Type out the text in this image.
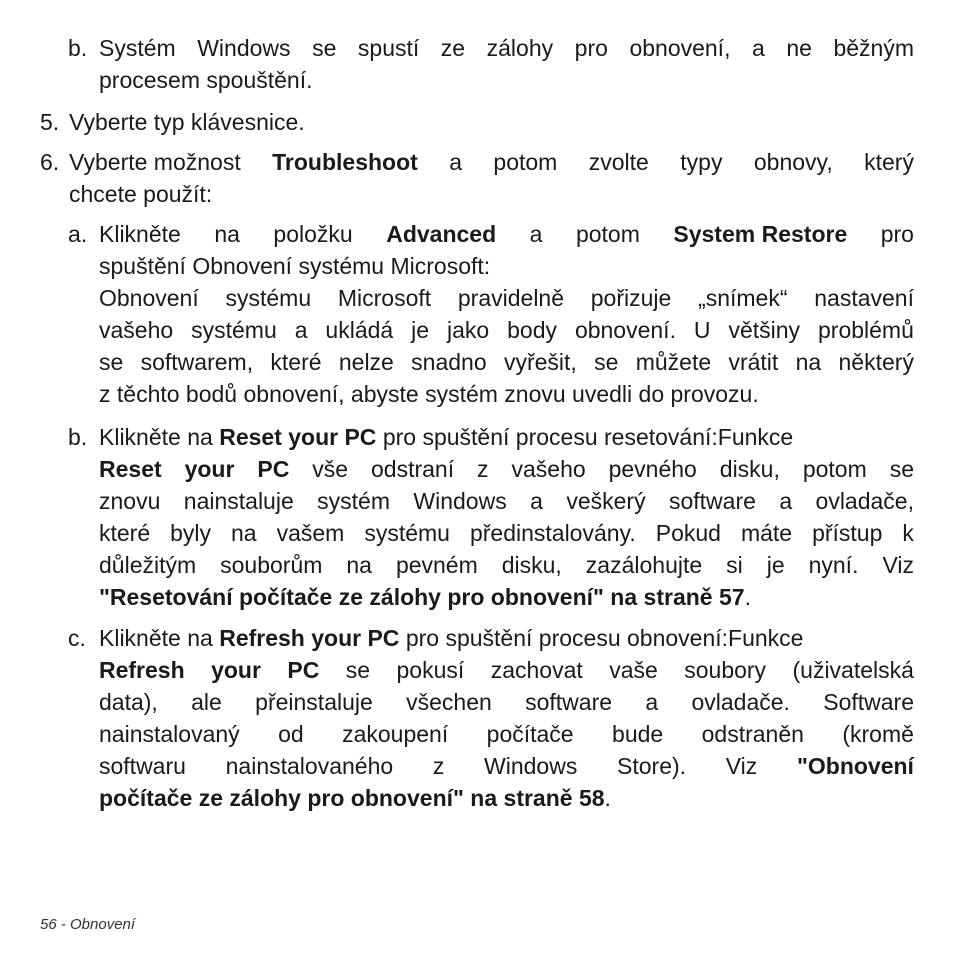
b. Systém Windows se spustí ze zálohy pro obnovení, a ne běžným
procesem spouštění.
5. Vyberte typ klávesnice.
6. Vyberte možnost Troubleshoot a potom zvolte typy obnovy, který
chcete použít:
a. Klikněte na položku Advanced a potom System Restore pro
spuštění Obnovení systému Microsoft:
Obnovení systému Microsoft pravidelně pořizuje „snímek“ nastavení
vašeho systému a ukládá je jako body obnovení. U většiny problémů
se softwarem, které nelze snadno vyřešit, se můžete vrátit na některý
z těchto bodů obnovení, abyste systém znovu uvedli do provozu.
b. Klikněte na Reset your PC pro spuštění procesu resetování:Funkce
Reset your PC vše odstraní z vašeho pevného disku, potom se
znovu nainstaluje systém Windows a veškerý software a ovladače,
které byly na vašem systému předinstalovány. Pokud máte přístup k
důležitým souborům na pevném disku, zazálohujte si je nyní. Viz
"Resetování počítače ze zálohy pro obnovení" na straně 57.
c. Klikněte na Refresh your PC pro spuštění procesu obnovení:Funkce
Refresh your PC se pokusí zachovat vaše soubory (uživatelská
data), ale přeinstaluje všechen software a ovladače. Software
nainstalovaný od zakoupení počítače bude odstraněn (kromě
softwaru nainstalovaného z Windows Store). Viz "Obnovení
počítače ze zálohy pro obnovení" na straně 58.
56 - Obnovení
